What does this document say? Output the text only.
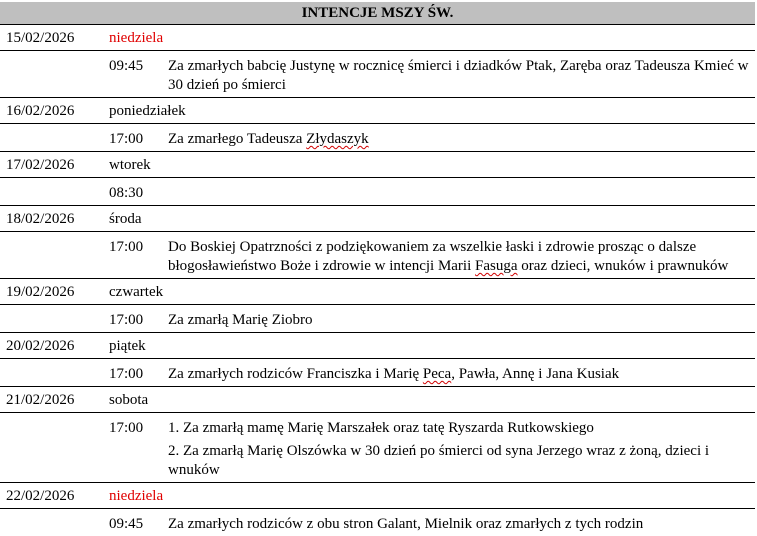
INTENCJE MSZY ŚW.
15/02/2026	niedziela	
	09:45	Za zmarłych babcię Justynę w rocznicę śmierci i dziadków Ptak, Zaręba oraz Tadeusza Kmieć w 30 dzień po śmierci
16/02/2026	poniedziałek	
	17:00	Za zmarłego Tadeusza Złydaszyk
17/02/2026	wtorek	
	08:30	
18/02/2026	środa	
	17:00	Do Boskiej Opatrzności z podziękowaniem za wszelkie łaski i zdrowie prosząc o dalsze błogosławieństwo Boże i zdrowie w intencji Marii Fasuga oraz dzieci, wnuków i prawnuków
19/02/2026	czwartek	
	17:00	Za zmarłą Marię Ziobro
20/02/2026	piątek	
	17:00	Za zmarłych rodziców Franciszka i Marię Peca, Pawła, Annę i Jana Kusiak
21/02/2026	sobota	
	17:00	1. Za zmarłą mamę Marię Marszałek oraz tatę Ryszarda Rutkowskiego
2. Za zmarłą Marię Olszówka w 30 dzień po śmierci od syna Jerzego wraz z żoną, dzieci i wnuków

22/02/2026	niedziela	
	09:45	Za zmarłych rodziców z obu stron Galant, Mielnik oraz zmarłych z tych rodzin
